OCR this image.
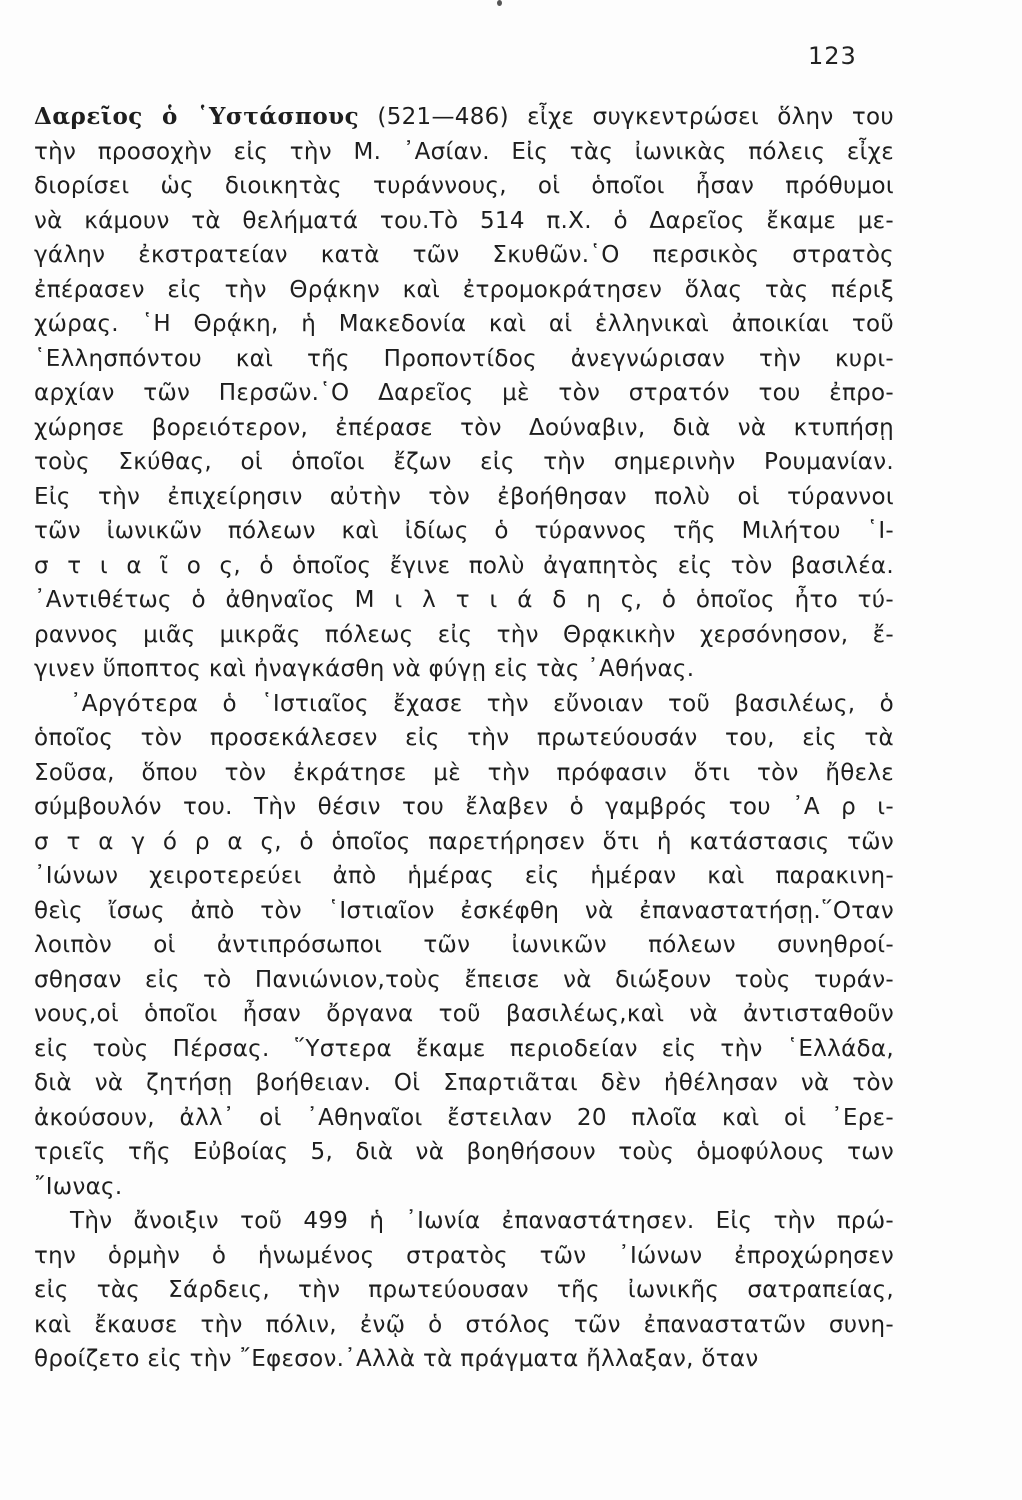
123
Δαρεῖος ὁ ῾Υστάσπους (521—486) εἶχε συγκεντρώσει ὅλην του
τὴν προσοχὴν εἰς τὴν Μ. ᾿Ασίαν. Εἰς τὰς ἰωνικὰς πόλεις εἶχε
διορίσει ὡς διοικητὰς τυράννους, οἱ ὁποῖοι ἦσαν πρόθυμοι
νὰ κάμουν τὰ θελήματά του.Τὸ 514 π.Χ. ὁ Δαρεῖος ἔκαμε με-
γάλην ἐκστρατείαν κατὰ τῶν Σκυθῶν.῾Ο περσικὸς στρατὸς
ἐπέρασεν εἰς τὴν Θρᾴκην καὶ ἐτρομοκράτησεν ὅλας τὰς πέριξ
χώρας. ῾Η Θρᾴκη, ἡ Μακεδονία καὶ αἱ ἑλληνικαὶ ἀποικίαι τοῦ
῾Ελλησπόντου καὶ τῆς Προποντίδος ἀνεγνώρισαν τὴν κυρι-
αρχίαν τῶν Περσῶν.῾Ο Δαρεῖος μὲ τὸν στρατόν του ἐπρο-
χώρησε βορειότερον, ἐπέρασε τὸν Δούναβιν, διὰ νὰ κτυπήσῃ
τοὺς Σκύθας, οἱ ὁποῖοι ἔζων εἰς τὴν σημερινὴν Ρουμανίαν.
Εἰς τὴν ἐπιχείρησιν αὐτὴν τὸν ἐβοήθησαν πολὺ οἱ τύραννοι
τῶν ἰωνικῶν πόλεων καὶ ἰδίως ὁ τύραννος τῆς Μιλήτου ῾Ι-
σ τ ι α ῖ ο ς, ὁ ὁποῖος ἔγινε πολὺ ἀγαπητὸς εἰς τὸν βασιλέα.
᾿Αντιθέτως ὁ ἀθηναῖος Μ ι λ τ ι ά δ η ς, ὁ ὁποῖος ἦτο τύ-
ραννος μιᾶς μικρᾶς πόλεως εἰς τὴν Θρᾳκικὴν χερσόνησον, ἔ-
γινεν ὕποπτος καὶ ἠναγκάσθη νὰ φύγῃ εἰς τὰς ᾿Αθήνας.
᾿Αργότερα ὁ ῾Ιστιαῖος ἔχασε τὴν εὔνοιαν τοῦ βασιλέως, ὁ
ὁποῖος τὸν προσεκάλεσεν εἰς τὴν πρωτεύουσάν του, εἰς τὰ
Σοῦσα, ὅπου τὸν ἐκράτησε μὲ τὴν πρόφασιν ὅτι τὸν ἤθελε
σύμβουλόν του. Τὴν θέσιν του ἔλαβεν ὁ γαμβρός του ᾿Α ρ ι-
σ τ α γ ό ρ α ς, ὁ ὁποῖος παρετήρησεν ὅτι ἡ κατάστασις τῶν
᾿Ιώνων χειροτερεύει ἀπὸ ἡμέρας εἰς ἡμέραν καὶ παρακινη-
θεὶς ἴσως ἀπὸ τὸν ῾Ιστιαῖον ἐσκέφθη νὰ ἐπαναστατήσῃ.῞Οταν
λοιπὸν οἱ ἀντιπρόσωποι τῶν ἰωνικῶν πόλεων συνηθροί-
σθησαν εἰς τὸ Πανιώνιον,τοὺς ἔπεισε νὰ διώξουν τοὺς τυράν-
νους,οἱ ὁποῖοι ἦσαν ὄργανα τοῦ βασιλέως,καὶ νὰ ἀντισταθοῦν
εἰς τοὺς Πέρσας. ῞Υστερα ἔκαμε περιοδείαν εἰς τὴν ῾Ελλάδα,
διὰ νὰ ζητήσῃ βοήθειαν. Οἱ Σπαρτιᾶται δὲν ἠθέλησαν νὰ τὸν
ἀκούσουν, ἀλλ᾿ οἱ ᾿Αθηναῖοι ἔστειλαν 20 πλοῖα καὶ οἱ ᾿Ερε-
τριεῖς τῆς Εὐβοίας 5, διὰ νὰ βοηθήσουν τοὺς ὁμοφύλους των
῎Ιωνας.
Τὴν ἄνοιξιν τοῦ 499 ἡ ᾿Ιωνία ἐπαναστάτησεν. Εἰς τὴν πρώ-
την ὁρμὴν ὁ ἡνωμένος στρατὸς τῶν ᾿Ιώνων ἐπροχώρησεν
εἰς τὰς Σάρδεις, τὴν πρωτεύουσαν τῆς ἰωνικῆς σατραπείας,
καὶ ἔκαυσε τὴν πόλιν, ἐνῷ ὁ στόλος τῶν ἐπαναστατῶν συνη-
θροίζετο εἰς τὴν ῎Εφεσον.᾿Αλλὰ τὰ πράγματα ἤλλαξαν, ὅταν
